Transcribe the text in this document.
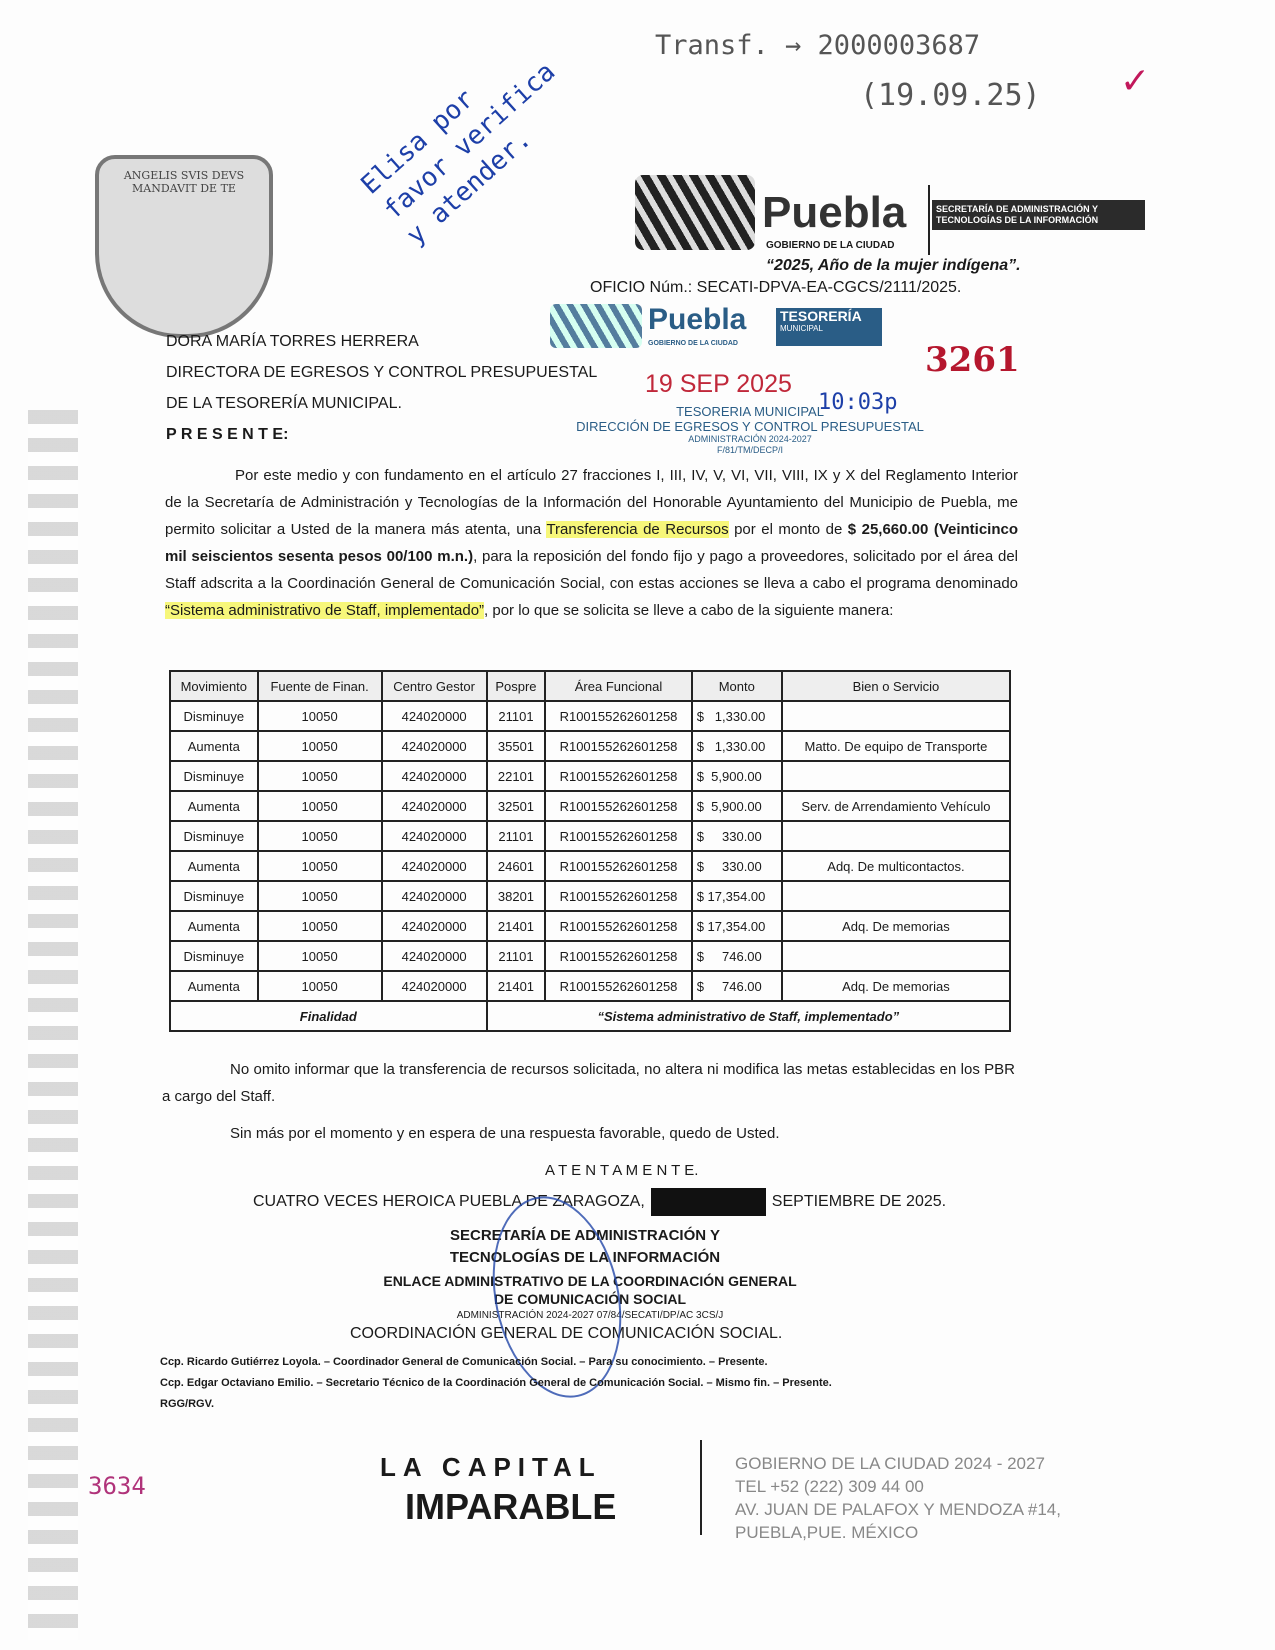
Transf. → 2000003687
(19.09.25) ✓
Elisa por favor verifica y atender.
ANGELIS SVIS DEVS MANDAVIT DE TE	Puebla
GOBIERNO DE LA CIUDAD
SECRETARÍA DE ADMINISTRACIÓN Y TECNOLOGÍAS DE LA INFORMACIÓN
“2025, Año de la mujer indígena”.
OFICIO Núm.: SECATI-DPVA-EA-CGCS/2111/2025.
Puebla
GOBIERNO DE LA CIUDAD
TESORERÍA
MUNICIPAL
3261
19 SEP 2025
10:03p
TESORERIA MUNICIPAL
DIRECCIÓN DE EGRESOS Y CONTROL PRESUPUESTAL
ADMINISTRACIÓN 2024-2027
F/81/TM/DECP/I
DORA MARÍA TORRES HERRERA
DIRECTORA DE EGRESOS Y CONTROL PRESUPUESTAL
DE LA TESORERÍA MUNICIPAL.
P R E S E N T E:
Por este medio y con fundamento en el artículo 27 fracciones I, III, IV, V, VI, VII, VIII, IX y X del Reglamento Interior de la Secretaría de Administración y Tecnologías de la Información del Honorable Ayuntamiento del Municipio de Puebla, me permito solicitar a Usted de la manera más atenta, una Transferencia de Recursos por el monto de $ 25,660.00 (Veinticinco mil seiscientos sesenta pesos 00/100 m.n.), para la reposición del fondo fijo y pago a proveedores, solicitado por el área del Staff adscrita a la Coordinación General de Comunicación Social, con estas acciones se lleva a cabo el programa denominado “Sistema administrativo de Staff, implementado”, por lo que se solicita se lleve a cabo de la siguiente manera:
Movimiento	Fuente de Finan.	Centro Gestor	Pospre	Área Funcional	Monto	Bien o Servicio
Disminuye	10050	424020000	21101	R100155262601258	$   1,330.00	
Aumenta	10050	424020000	35501	R100155262601258	$   1,330.00	Matto. De equipo de Transporte
Disminuye	10050	424020000	22101	R100155262601258	$  5,900.00	
Aumenta	10050	424020000	32501	R100155262601258	$  5,900.00	Serv. de Arrendamiento Vehículo
Disminuye	10050	424020000	21101	R100155262601258	$     330.00	
Aumenta	10050	424020000	24601	R100155262601258	$     330.00	Adq. De multicontactos.
Disminuye	10050	424020000	38201	R100155262601258	$ 17,354.00	
Aumenta	10050	424020000	21401	R100155262601258	$ 17,354.00	Adq. De memorias
Disminuye	10050	424020000	21101	R100155262601258	$     746.00	
Aumenta	10050	424020000	21401	R100155262601258	$     746.00	Adq. De memorias
Finalidad			“Sistema administrativo de Staff, implementado”			
No omito informar que la transferencia de recursos solicitada, no altera ni modifica las metas establecidas en los PBR a cargo del Staff.
Sin más por el momento y en espera de una respuesta favorable, quedo de Usted.
A T E N T A M E N T E.
CUATRO VECES HEROICA PUEBLA DE ZARAGOZA,	SEPTIEMBRE DE 2025.
SECRETARÍA DE ADMINISTRACIÓN Y TECNOLOGÍAS DE LA INFORMACIÓN
ENLACE ADMINISTRATIVO DE LA COORDINACIÓN GENERAL DE COMUNICACIÓN SOCIAL
ADMINISTRACIÓN 2024-2027 07/84/SECATI/DP/AC 3CS/J
COORDINACIÓN GENERAL DE COMUNICACIÓN SOCIAL.
Ccp. Ricardo Gutiérrez Loyola. – Coordinador General de Comunicación Social. – Para su conocimiento. – Presente.
Ccp. Edgar Octaviano Emilio. – Secretario Técnico de la Coordinación General de Comunicación Social. – Mismo fin. – Presente.
RGG/RGV.
3634
LA CAPITAL
IMPARABLE
GOBIERNO DE LA CIUDAD 2024 - 2027
TEL +52 (222) 309 44 00
AV. JUAN DE PALAFOX Y MENDOZA #14,
PUEBLA,PUE. MÉXICO
